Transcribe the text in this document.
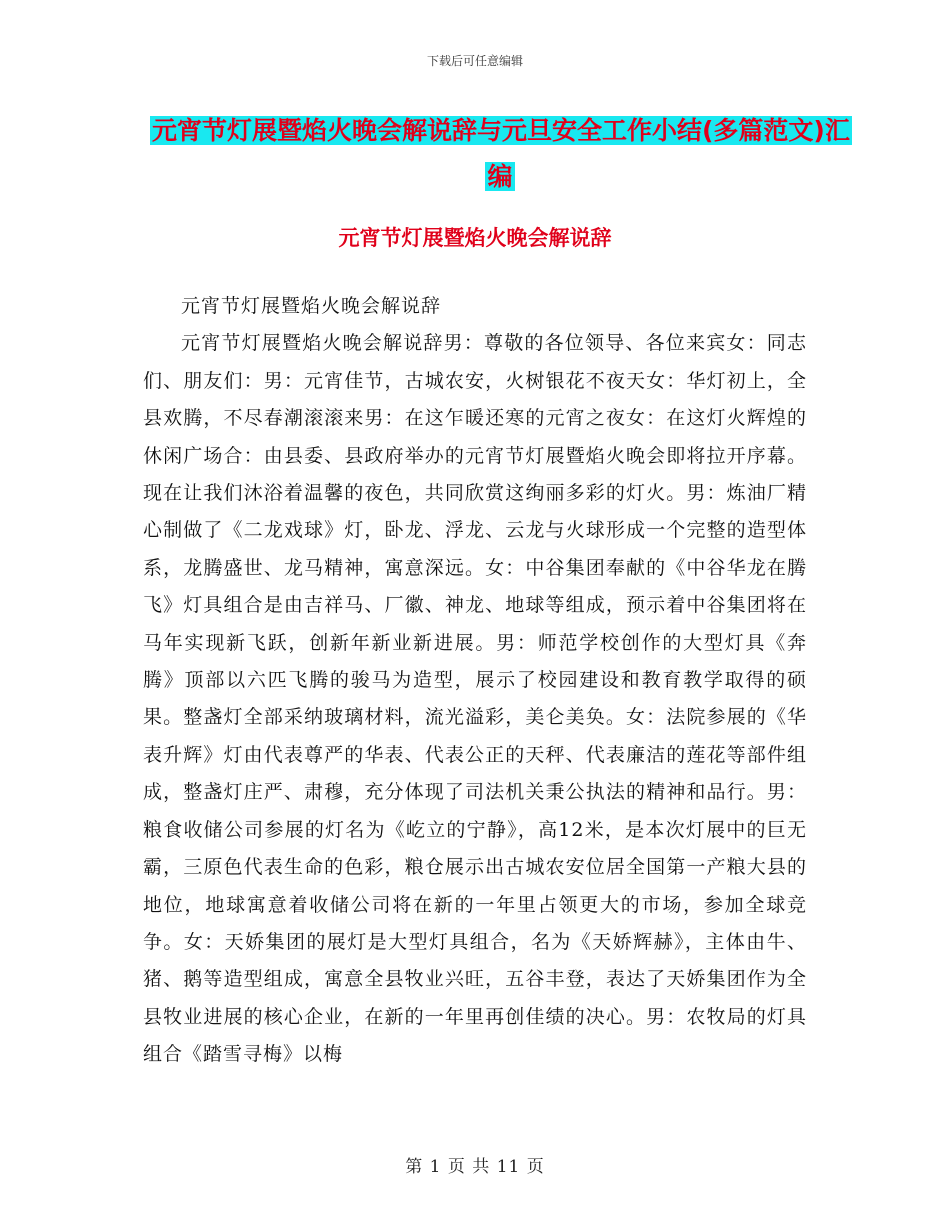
下载后可任意编辑
元宵节灯展暨焰火晚会解说辞与元旦安全工作小结(多篇范文)汇编
元宵节灯展暨焰火晚会解说辞

元宵节灯展暨焰火晚会解说辞

元宵节灯展暨焰火晚会解说辞男：尊敬的各位领导、各位来宾女：同志们、朋友们：男：元宵佳节，古城农安，火树银花不夜天女：华灯初上，全县欢腾，不尽春潮滚滚来男：在这乍暖还寒的元宵之夜女：在这灯火辉煌的休闲广场合：由县委、县政府举办的元宵节灯展暨焰火晚会即将拉开序幕。现在让我们沐浴着温馨的夜色，共同欣赏这绚丽多彩的灯火。男：炼油厂精心制做了《二龙戏球》灯，卧龙、浮龙、云龙与火球形成一个完整的造型体系，龙腾盛世、龙马精神，寓意深远。女：中谷集团奉献的《中谷华龙在腾飞》灯具组合是由吉祥马、厂徽、神龙、地球等组成，预示着中谷集团将在马年实现新飞跃，创新年新业新进展。男：师范学校创作的大型灯具《奔腾》顶部以六匹飞腾的骏马为造型，展示了校园建设和教育教学取得的硕果。整盏灯全部采纳玻璃材料，流光溢彩，美仑美奂。女：法院参展的《华表升辉》灯由代表尊严的华表、代表公正的天秤、代表廉洁的莲花等部件组成，整盏灯庄严、肃穆，充分体现了司法机关秉公执法的精神和品行。男：粮食收储公司参展的灯名为《屹立的宁静》，高12米，是本次灯展中的巨无霸，三原色代表生命的色彩，粮仓展示出古城农安位居全国第一产粮大县的地位，地球寓意着收储公司将在新的一年里占领更大的市场，参加全球竞争。女：天娇集团的展灯是大型灯具组合，名为《天娇辉赫》，主体由牛、猪、鹅等造型组成，寓意全县牧业兴旺，五谷丰登，表达了天娇集团作为全县牧业进展的核心企业，在新的一年里再创佳绩的决心。男：农牧局的灯具组合《踏雪寻梅》以梅

第 1 页 共 11 页
